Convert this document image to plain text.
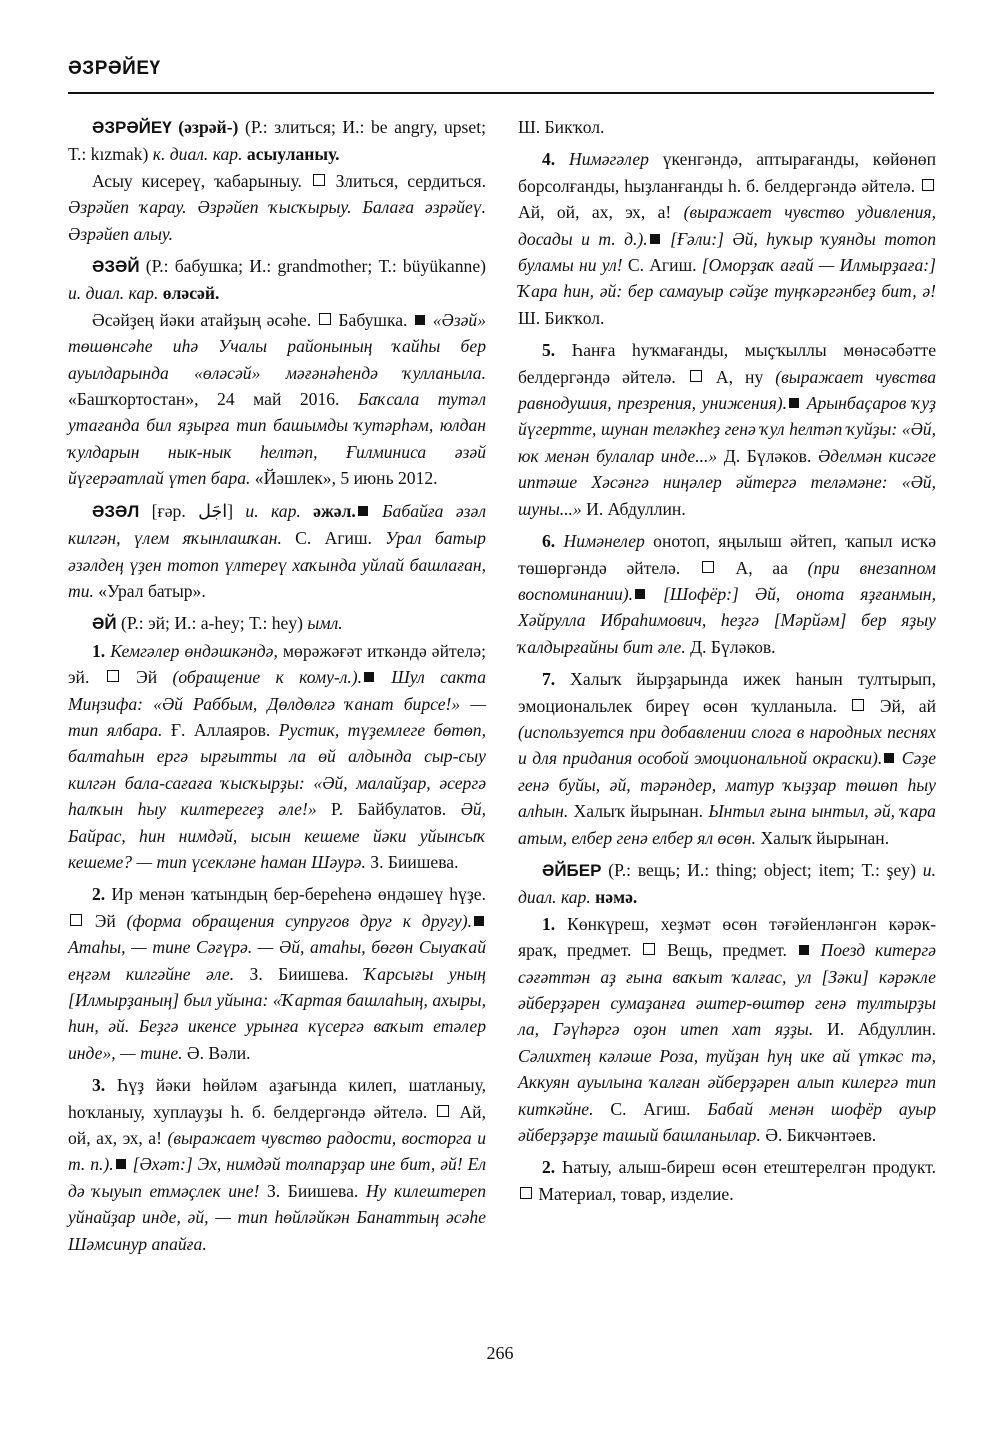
ӘЗРӘЙЕҮ

ӘЗРӘЙЕҮ (әзрәй-) (Р.: злиться; И.: be angry, upset; Т.: kızmak) к. диал. кар. асыуланыу.

Асыу кисереү, ҡабарыныу.  Злиться, сердиться. Әзрәйеп ҡарау. Әзрәйеп ҡысҡырыу. Балаға әзрәйеү. Әзрәйеп алыу.

ӘЗӘЙ (Р.: бабушка; И.: grandmother; Т.: büyükanne) и. диал. кар. өләсәй.

Әсәйҙең йәки атайҙың әсәһе.  Бабушка.  «Әзәй» төшөнсәһе иһә Учалы районының ҡайһы бер ауылдарында «өләсәй» мәғәнәһендә ҡулланыла. «Башҡортостан», 24 май 2016. Баҡсала тутәл утағанда бил яҙырға тип башымды ҡутәрһәм, юлдан ҡулдарын нык-нык һелтәп, Ғилминиса әзәй йүгерәатлай үтеп бара. «Йәшлек», 5 июнь 2012.

ӘЗӘЛ [ғәр. اجَل] и. кар. әжәл. Бабайға әзәл килгән, үлем яҡынлашҡан. С. Агиш. Урал батыр әзәлдең үҙен тотоп үлтереү хаҡында уйлай башлаған, ти. «Урал батыр».

ӘЙ (Р.: эй; И.: a-hey; Т.: hey) ымл.

1. Кемгәлер өндәшкәндә, мөрәжәғәт иткәндә әйтелә; эй.  Эй (обращение к кому-л.). Шул сакта Миңзифа: «Әй Раббым, Дөлдөлгә ҡанат бирсе!» — тип ялбара. Ғ. Аллаяров. Рустик, түҙемлеге бөтөп, балтаһын ергә ырғытты ла өй алдында сыр-сыу килгән бала-сағаға ҡысҡырҙы: «Әй, малайҙар, әсергә һалҡын һыу килтерегеҙ әле!» Р. Байбулатов. Әй, Байрас, һин нимдәй, ысын кешеме йәки уйынсыҡ кешеме? — тип үсекләне һаман Шәурә. З. Биишева.

2. Ир менән ҡатындың бер-береһенә өндәшеү һүҙе.  Эй (форма обращения супругов друг к другу). Атаһы, — тине Сәғүрә. — Әй, атаһы, бөгөн Сыуаҡай еңгәм килгәйне әле. З. Биишева. Ҡарсығы уның [Илмырҙаның] был уйына: «Ҡартая башлаһың, ахыры, һин, әй. Беҙгә икенсе урынға күсергә ваҡыт етәлер инде», — тине. Ә. Вәли.

3. Һүҙ йәки һөйләм аҙағында килеп, шатланыу, һоҡланыу, хуплауҙы һ. б. белдергәндә әйтелә.  Ай, ой, ах, эх, а! (выражает чувство радости, восторга и т. п.). [Әхәт:] Эх, нимдәй толпарҙар ине бит, әй! Ел дә ҡыуып етмәҫлек ине! З. Биишева. Ну килештереп уйнайҙар инде, әй, — тип һөйләйкән Банаттың әсәһе Шәмсинур апайға.

Ш. Бикҡол.

4. Нимәгәлер үкенгәндә, аптырағанды, көйөнөп борсолғанды, һыҙланғанды һ. б. белдергәндә әйтелә.  Ай, ой, ах, эх, а! (выражает чувство удивления, досады и т. д.). [Ғәли:] Әй, һуҡыр ҡуянды тотоп буламы ни ул! С. Агиш. [Оморҙаҡ ағай — Илмырҙаға:] Ҡара һин, әй: бер самауыр сәйҙе туңҡәргәнбеҙ бит, ә! Ш. Бикҡол.

5. Һанға һуҡмағанды, мыҫҡыллы мөнәсәбәтте белдергәндә әйтелә.  А, ну (выражает чувства равнодушия, презрения, унижения). Арынбаҫаров ҡуҙ йүгертте, шунан теләкһеҙ генә ҡул һелтәп ҡуйҙы: «Әй, юк менән булалар инде...» Д. Бүләков. Әделмән кисәге иптәше Хәсәнгә ниңәлер әйтергә теләмәне: «Әй, шуны...» И. Абдуллин.

6. Нимәнелер онотоп, яңылыш әйтеп, ҡапыл исҡә төшөргәндә әйтелә.  А, аа (при внезапном воспоминании). [Шофёр:] Әй, онота яҙғанмын, Хәйрулла Ибраһимович, һеҙгә [Мәрйәм] бер яҙыу ҡалдырғайны бит әле. Д. Бүләков.

7. Халыҡ йырҙарында ижек һанын тултырып, эмоциональлек биреү өсөн ҡулланыла.  Эй, ай (используется при добавлении слога в народных песнях и для придания особой эмоциональной окраски). Сәҙе генә буйы, әй, тәрәндер, матур ҡыҙҙар төшөп һыу алһын. Халыҡ йырынан. Ынтыл ғына ынтыл, әй, ҡара атым, елбер генә елбер ял өсөн. Халыҡ йырынан.

ӘЙБЕР (Р.: вещь; И.: thing; object; item; Т.: şey) и. диал. кар. нәмә.

1. Көнкүреш, хеҙмәт өсөн тәғәйенләнгән кәрәк-яраҡ, предмет.  Вещь, предмет.  Поезд китергә сәғәттән аҙ ғына ваҡыт ҡалғас, ул [Зәки] кәрәкле әйберҙәрен сумаҙанға әштер-өштөр генә тултырҙы ла, Гәүһәргә оҙон итеп хат яҙҙы. И. Абдуллин. Сәлихтең кәләше Роза, туйҙан һуң ике ай үткәс тә, Аккуян ауылына ҡалған әйберҙәрен алып килергә тип киткәйне. С. Агиш. Бабай менән шофёр ауыр әйберҙәрҙе ташый башланылар. Ә. Бикчәнтәев.

2. Һатыу, алыш-биреш өсөн етештерелгән продукт.  Материал, товар, изделие.

266
